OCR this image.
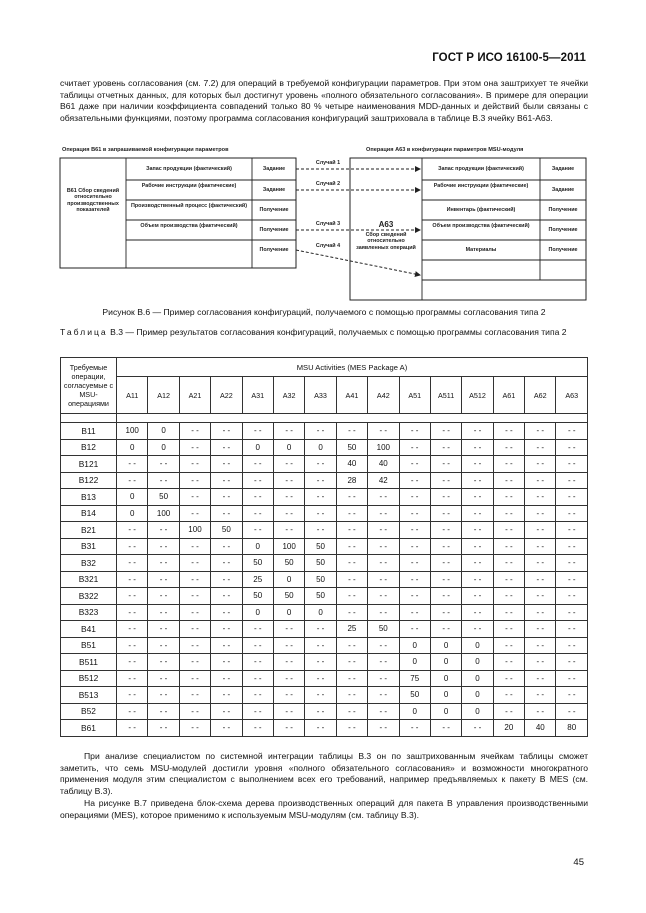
ГОСТ Р ИСО 16100-5—2011

считает уровень согласования (см. 7.2) для операций в требуемой конфигурации параметров. При этом она заштрихует те ячейки таблицы отчетных данных, для которых был достигнут уровень «полного обязательного согласования». В примере для операции В61 даже при наличии коэффициента совпадений только 80 % четыре наименования MDD-данных и действий были связаны с обязательными функциями, поэтому программа согласования конфигураций заштриховала в таблице В.3 ячейку В61-А63.

Операция В61 в запрашиваемой конфигурации параметров	Операция А63 в конфигурации параметров MSU-модуля
В61 Сбор сведений относительно производственных показателей
Запас продукции (фактический)	Задание
Рабочие инструкции (фактические)
Задание
Производственный процесс (фактический)
Получение
Объем производства (фактический)
Получение
Получение
Случай 1
Случай 2
Случай 3
Случай 4
А63
Сбор сведений относительно заявленных операций
Запас продукции (фактический)	Задание
Рабочие инструкции (фактические)
Задание
Инвентарь (фактический)	Получение
Объем производства (фактический)
Получение
Материалы	Получение
Рисунок В.6 — Пример согласования конфигураций, получаемого с помощью программы согласования типа 2
Таблица В.3 — Пример результатов согласования конфигураций, получаемых с помощью программы согласования типа 2
Требуемые операции, согласуемые с MSU-операциями	MSU Activities (MES Package A)														
	А11	А12	А21	А22	А31	А32	А33	А41	А42	А51	А511	А512	А61	А62	А63

В11	100	0	- -	- -	- -	- -	- -	- -	- -	- -	- -	- -	- -	- -	- -
В12	0	0	- -	- -	0	0	0	50	100	- -	- -	- -	- -	- -	- -
В121	- -	- -	- -	- -	- -	- -	- -	40	40	- -	- -	- -	- -	- -	- -
В122	- -	- -	- -	- -	- -	- -	- -	28	42	- -	- -	- -	- -	- -	- -
В13	0	50	- -	- -	- -	- -	- -	- -	- -	- -	- -	- -	- -	- -	- -
В14	0	100	- -	- -	- -	- -	- -	- -	- -	- -	- -	- -	- -	- -	- -
В21	- -	- -	100	50	- -	- -	- -	- -	- -	- -	- -	- -	- -	- -	- -
В31	- -	- -	- -	- -	0	100	50	- -	- -	- -	- -	- -	- -	- -	- -
В32	- -	- -	- -	- -	50	50	50	- -	- -	- -	- -	- -	- -	- -	- -
В321	- -	- -	- -	- -	25	0	50	- -	- -	- -	- -	- -	- -	- -	- -
В322	- -	- -	- -	- -	50	50	50	- -	- -	- -	- -	- -	- -	- -	- -
В323	- -	- -	- -	- -	0	0	0	- -	- -	- -	- -	- -	- -	- -	- -
В41	- -	- -	- -	- -	- -	- -	- -	25	50	- -	- -	- -	- -	- -	- -
В51	- -	- -	- -	- -	- -	- -	- -	- -	- -	0	0	0	- -	- -	- -
В511	- -	- -	- -	- -	- -	- -	- -	- -	- -	0	0	0	- -	- -	- -
В512	- -	- -	- -	- -	- -	- -	- -	- -	- -	75	0	0	- -	- -	- -
В513	- -	- -	- -	- -	- -	- -	- -	- -	- -	50	0	0	- -	- -	- -
В52	- -	- -	- -	- -	- -	- -	- -	- -	- -	0	0	0	- -	- -	- -
В61	- -	- -	- -	- -	- -	- -	- -	- -	- -	- -	- -	- -	20	40	80

При анализе специалистом по системной интеграции таблицы В.3 он по заштрихованным ячейкам таблицы сможет заметить, что семь MSU-модулей достигли уровня «полного обязательного согласования» и возможности многократного применения модуля этим специалистом с выполнением всех его требований, например предъявляемых к пакету В MES (см. таблицу В.3).

На рисунке В.7 приведена блок-схема дерева производственных операций для пакета В управления производственными операциями (MES), которое применимо к используемым MSU-модулям (см. таблицу В.3).

45
